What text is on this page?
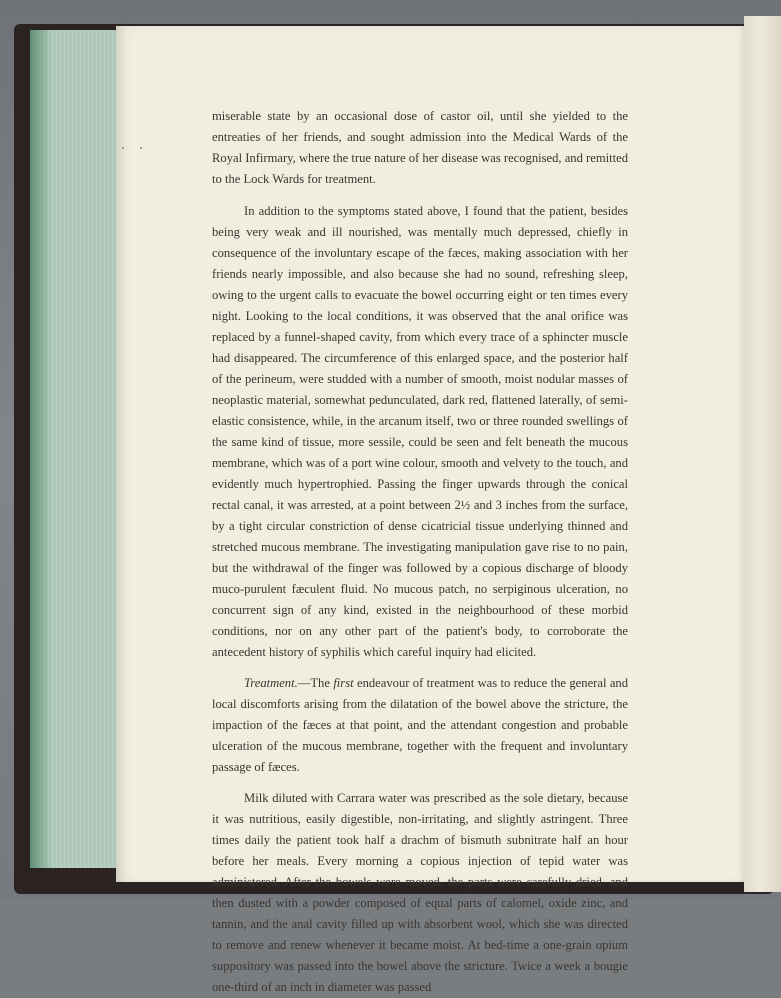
miserable state by an occasional dose of castor oil, until she yielded to the entreaties of her friends, and sought admission into the Medical Wards of the Royal Infirmary, where the true nature of her disease was recognised, and remitted to the Lock Wards for treatment.

In addition to the symptoms stated above, I found that the patient, besides being very weak and ill nourished, was mentally much depressed, chiefly in consequence of the involuntary escape of the fæces, making association with her friends nearly impossible, and also because she had no sound, refreshing sleep, owing to the urgent calls to evacuate the bowel occurring eight or ten times every night. Looking to the local conditions, it was observed that the anal orifice was replaced by a funnel-shaped cavity, from which every trace of a sphincter muscle had disappeared. The circumference of this enlarged space, and the posterior half of the perineum, were studded with a number of smooth, moist nodular masses of neoplastic material, somewhat pedunculated, dark red, flattened laterally, of semi-elastic consistence, while, in the arcanum itself, two or three rounded swellings of the same kind of tissue, more sessile, could be seen and felt beneath the mucous membrane, which was of a port wine colour, smooth and velvety to the touch, and evidently much hypertrophied. Passing the finger upwards through the conical rectal canal, it was arrested, at a point between 2½ and 3 inches from the surface, by a tight circular constriction of dense cicatricial tissue underlying thinned and stretched mucous membrane. The investigating manipulation gave rise to no pain, but the withdrawal of the finger was followed by a copious discharge of bloody muco-purulent fæculent fluid. No mucous patch, no serpiginous ulceration, no concurrent sign of any kind, existed in the neighbourhood of these morbid conditions, nor on any other part of the patient's body, to corroborate the antecedent history of syphilis which careful inquiry had elicited.

Treatment.—The first endeavour of treatment was to reduce the general and local discomforts arising from the dilatation of the bowel above the stricture, the impaction of the fæces at that point, and the attendant congestion and probable ulceration of the mucous membrane, together with the frequent and involuntary passage of fæces.

Milk diluted with Carrara water was prescribed as the sole dietary, because it was nutritious, easily digestible, non-irritating, and slightly astringent. Three times daily the patient took half a drachm of bismuth subnitrate half an hour before her meals. Every morning a copious injection of tepid water was administered. After the bowels were moved, the parts were carefully dried, and then dusted with a powder composed of equal parts of calomel, oxide zinc, and tannin, and the anal cavity filled up with absorbent wool, which she was directed to remove and renew whenever it became moist. At bed-time a one-grain opium suppository was passed into the bowel above the stricture. Twice a week a bougie one-third of an inch in diameter was passed
